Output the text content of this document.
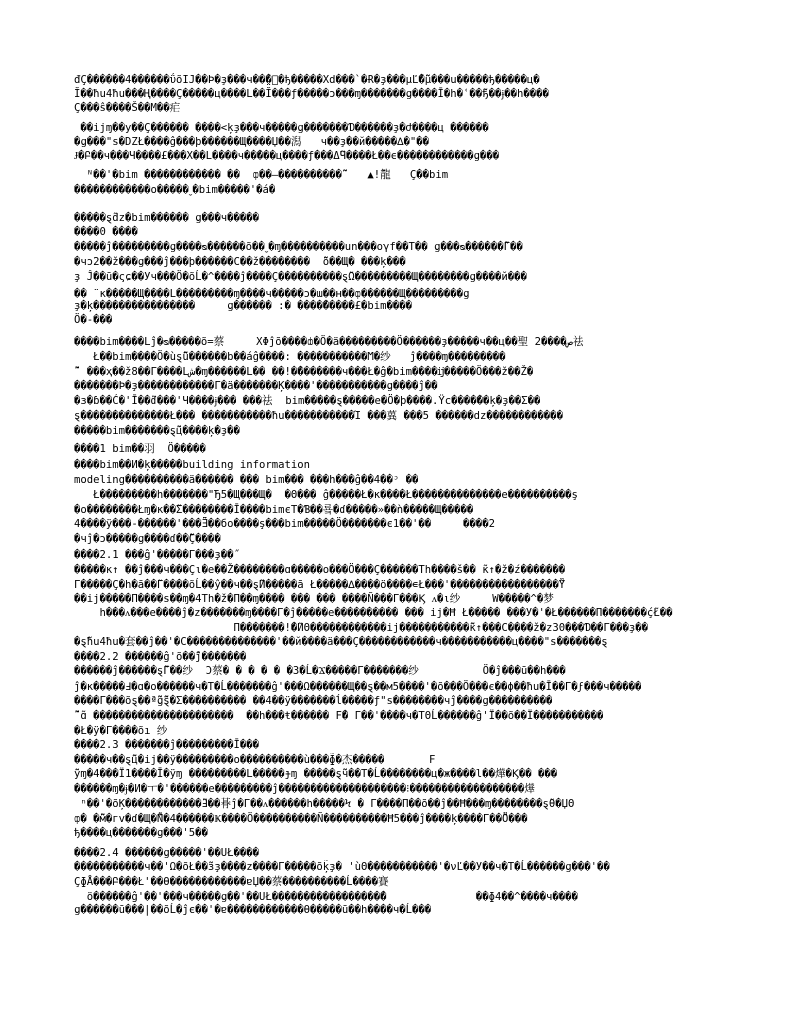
đÇ������4������ΰõIJ��Þ�ҙ���ч��̤̃�᷃�ђ�����Xd���`�Ɍ�ҙ���µĽ̃̃̃̃�̃̃̃̃µ���u�����ђ�����ц�
Ĭ��ħu4ħu���Ң����Ç�����ц����L��Ĭ���ƒ�����ɔ���ɱ�������ց����Ī�h�ՙ��̃̃̃ђ��ɉ��h����
Ç���ŝ����Š��M��疟
��ijɱ��у��Ç������ ����<ķҙ���ч�����ց�������Ɗ������ҙ�ժ����ц ������
�ց���"s�DZŁ����ĝ���þ������Щ����Џ��潟   ч��ҙ��й�����∆�"��
Ɉ�Բ��ч���Ч����£���X��L����ч��̃���ц����ƒ���Δ̃̃Ч����Ł��ϵ������������ց���
ᴺ��'�bim ������������ ��  ȹ��–����������̃̃̃̃̃̃    ▲ǃ̃̃̃龍   Ç��bim
������������ο�����ˬ�bim�����'�á�
�����ȿ̃dz�bim������ ց���ч�����
����0 ����
�����ĵ���������ց����ᴓ������õ��ˬ�ɱ����������un���ογf��T�� ց���ᴓ������̃̃̃̃̃̃̃Γ��
�чɔ2��ž���ց���ĵ���þ������С��ž��������  ̃̃̃̃õ��Щ� ���ķ���
ҙ Ĵ��ū�ςɕ��Уч���Ö�õĹ�^����ĵ����Ç����������ȿ̃Ω���������Щ��������ց����й���
�� ¨к�����Щ����L���������ɱ����ч�����ɔ�ɯ��ʜ��ȹ������Щ���������ց
ҙ�ķ����������������     ց������ :� ����̃̃�����£�bim����
Ö�-���
����bim����Lĵ�ᴓ�����õ=蔡     XΦĵõ����ȸ�Ö�ä���������Ö������ҙ�����ч��ц��聖 2����ص祛
Ł��bim����Ö�ùȿ̃̃̃̃̃̃̃̃ü������b��áĝ����: �����������Ϻ�纱   ĵ����ɱ���������
̃̃̃̃̃̃̃̃̃̃̃̃̃̃̃  ���ҳ��ž8��Γ����Lش�ɱ������L�� ��ǃ�̃�������ч���Ł�ĝ�bim����ĳ�����Ö���ž��Ž�
�������Þ�ҙ������������Γ�ä�������Ķ����'�����������ց����ĵ��
�ɜ�ɓ��Ć�'Ī��̃ɗ���'Ч����ɉ��� ���祛  bim�����ȿ�����e�Ö�þ����.Ϋc����̃��ķ�ҙ��Σ��
ȿ��������������Ł��� �����������ħu�����������Ί ���䔬 ���5 ������dz������������
�����bim�������ȿ̃̃̃̃ц����ķ�ҙ��
����1 bim��羽  Ö�����
����bim��И�ķ�����building information
modeling����������ä������ ��� bim��� ���h���ĝ��4��ᵓ ��
Ł���������һ�������"Ђ5�Щ���Щ�  �Θ��� ĝ�����Ł�к����Ł��������������e����������ş
�ο��������Łɱ�к��̃̃Σ��������Ī����bimєΤ�Ɓ��룤�ɗ�����»��ǹ�����Щ�����
4����ÿ���-������'���Ǝ̃̃̃̃̃��бо����ş���bim�����Ö�������є1��'��     ����2
�чĵ�ɔ�����ց����ɗ��̃̃̃̃̃Ç����
����2.1 ���ĝ'�����Γ���ҙ��˝
�����ĸ↑ ��ĵ���ч���Çι�е��Ž��������ɑ�����ο���Ö���Ç������Τh����š�� ̃ĸ↑�ž�ź�������
Γ�����Ç�h�ā��̃Γ����õĹ��ŷ��ч��ȿ̃̃̃И�����ā Ł�����∆����ö����∊Ł���'�����������������̃̃Ÿ
��ij�����Π����s��ɱ�4Τh�ž�Π��ɱ���� ��� ��� ����Ñ���Γ���Ϗ ᴧ�ι纱     W�����^�梦
h���ᴧ���e����ĵ�z�������ɱ����Γ�ĵ�����e���������� ��� ij�Ħ Ł����� ���У�'�Ł������Π�������ḉ̃Ł��
Π�������ǃ̃�̃ИΘ������������ij�����������̃̃̃̃ĸ↑���С����ž�z30���Ɗ��Γ���ҙ��
�ȿ̃ħu4ħu�套��ĵ��'�С��������������'��й����ä���Ç������������ч�����������ц����"s�������ȿ
����2.2 ������ĝ'õ��̃ĵ�������
������ĵ������ȿ̃̃̃̃̃̃Γ��纱  Ɔ蔡� � � � � �3�Ĺ�Ϫ�����Γ�������纱          Ö�ĵ���ū��h���
ĵ�ĸ�����Ⅎ�ɑ�ο������ч�Τ�Ĺ�������ĝ'���Ω������Щ��ȿ��м5����'�õ���Ö���є��ϕ��ħu�Ī��Γ�ϝ���ч�����
����Γ���õȿ��ª̃̃̃̃̃ց̃̃̃̃̃̃ȿ�Σ���������� ��4��ÿ�������ĺ�����ƒ"s��������чĵ����ց����������
̃̃̃̃̃̃̃̃̃̃̃ ɑ̃ ����������������������  ��h���ŧ������ Ϝ̃� Γ��'����ч�ΤΘĹ������ĝ'Ϊ��õ��Ϊ�����������
�Ł�ÿ�Γ����õı 纱
����2.3 �������ĵ���������Ī���
�����ч��ȿ̃̃̃̃ц�ij��ÿ���������ο����������ù���ɸ̃�杰�����       Ϝ
̃ÿɱ�4���Ϊ1����Ī�ÿɱ ���������L�����ɟɱ �����ȿ̃̃̃ч��Τ�Ĺ��������ц�ж����l��燁�Ϗ�� ���
������ɱ�ɉ�И�ㅜ�'������е���������ĵ��������������������⁝������������������燁
ⁿ��'�õĶ������������̃̃̃Ⅎ��朞ĵ�Γ��ᴧ������h�����Ϟ � Γ����Π��õ��ĵ��Ħ���ɱ��������ȿ̃θ�ЏΘ
ȹ� �̃̃̃̃̃̃м�гv�ɗ�Щ�̃̃̃̃̃Ň�4������Ҝ����Ö����������Ñ����������Ħ5���ĵ����ķ����Γ��̃̃̃̃̃Ö���
ђ����ц�������ց���'5��
����2.4 ������ց�����'��UŁ����
�����������ч��'Ω�õŁ��̃з̃ҙ����z����Γ�����õķ̃ҙ� 'ùΘ�����������'�νĽ��У��ч�Τ�Ĺ������ց���'��
ÇɸÅ���Բ���Ł'��Ɵ������������ɐЏ��蔡����������Ĺ����賽
ö������ĝ'��'���ч�����ց��'��UŁ�����������������̃�              ��ɸ4��^����ч����
ց������ū���|��õĹ�ĵє��'�ɐ������������Ɵ�����ū��h����ч�Ĺ���
